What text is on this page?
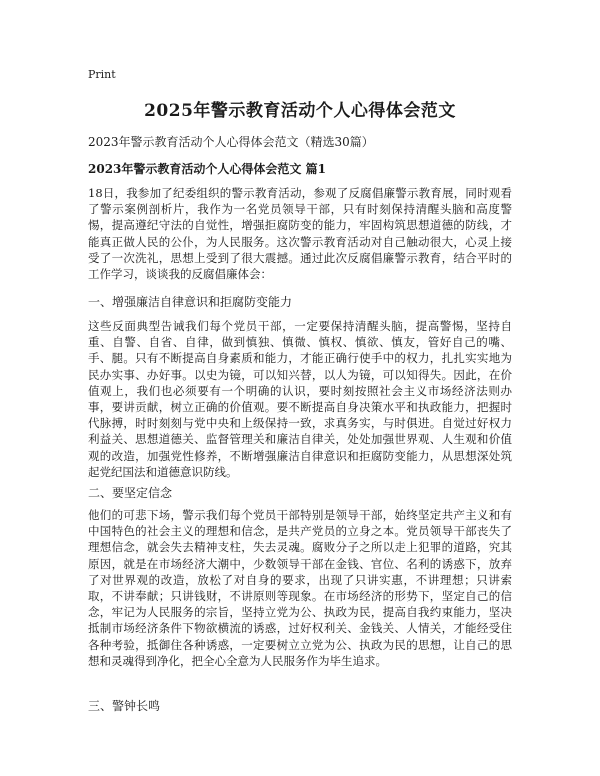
Print
2025年警示教育活动个人心得体会范文
2023年警示教育活动个人心得体会范文（精选30篇）
2023年警示教育活动个人心得体会范文 篇1

18日，我参加了纪委组织的警示教育活动，参观了反腐倡廉警示教育展，同时观看了警示案例剖析片，我作为一名党员领导干部，只有时刻保持清醒头脑和高度警惕，提高遵纪守法的自觉性，增强拒腐防变的能力，牢固构筑思想道德的防线，才能真正做人民的公仆，为人民服务。这次警示教育活动对自己触动很大，心灵上接受了一次洗礼，思想上受到了很大震撼。通过此次反腐倡廉警示教育，结合平时的工作学习，谈谈我的反腐倡廉体会：

一、增强廉洁自律意识和拒腐防变能力

这些反面典型告诫我们每个党员干部，一定要保持清醒头脑，提高警惕，坚持自重、自警、自省、自律，做到慎独、慎微、慎权、慎欲、慎友，管好自己的嘴、手、腿。只有不断提高自身素质和能力，才能正确行使手中的权力，扎扎实实地为民办实事、办好事。以史为镜，可以知兴替，以人为镜，可以知得失。因此，在价值观上，我们也必须要有一个明确的认识，要时刻按照社会主义市场经济法则办事，要讲贡献，树立正确的价值观。要不断提高自身决策水平和执政能力，把握时代脉搏，时时刻刻与党中央和上级保持一致，求真务实，与时俱进。自觉过好权力利益关、思想道德关、监督管理关和廉洁自律关，处处加强世界观、人生观和价值观的改造，加强党性修养，不断增强廉洁自律意识和拒腐防变能力，从思想深处筑起党纪国法和道德意识防线。

二、要坚定信念

他们的可悲下场，警示我们每个党员干部特别是领导干部，始终坚定共产主义和有中国特色的社会主义的理想和信念，是共产党员的立身之本。党员领导干部丧失了理想信念，就会失去精神支柱，失去灵魂。腐败分子之所以走上犯罪的道路，究其原因，就是在市场经济大潮中，少数领导干部在金钱、官位、名利的诱惑下，放弃了对世界观的改造，放松了对自身的要求，出现了只讲实惠，不讲理想；只讲索取，不讲奉献；只讲钱财，不讲原则等现象。在市场经济的形势下，坚定自己的信念，牢记为人民服务的宗旨，坚持立党为公、执政为民，提高自我约束能力，坚决抵制市场经济条件下物欲横流的诱惑，过好权利关、金钱关、人情关，才能经受住各种考验，抵御住各种诱惑，一定要树立立党为公、执政为民的思想，让自己的思想和灵魂得到净化，把全心全意为人民服务作为毕生追求。

三、警钟长鸣
